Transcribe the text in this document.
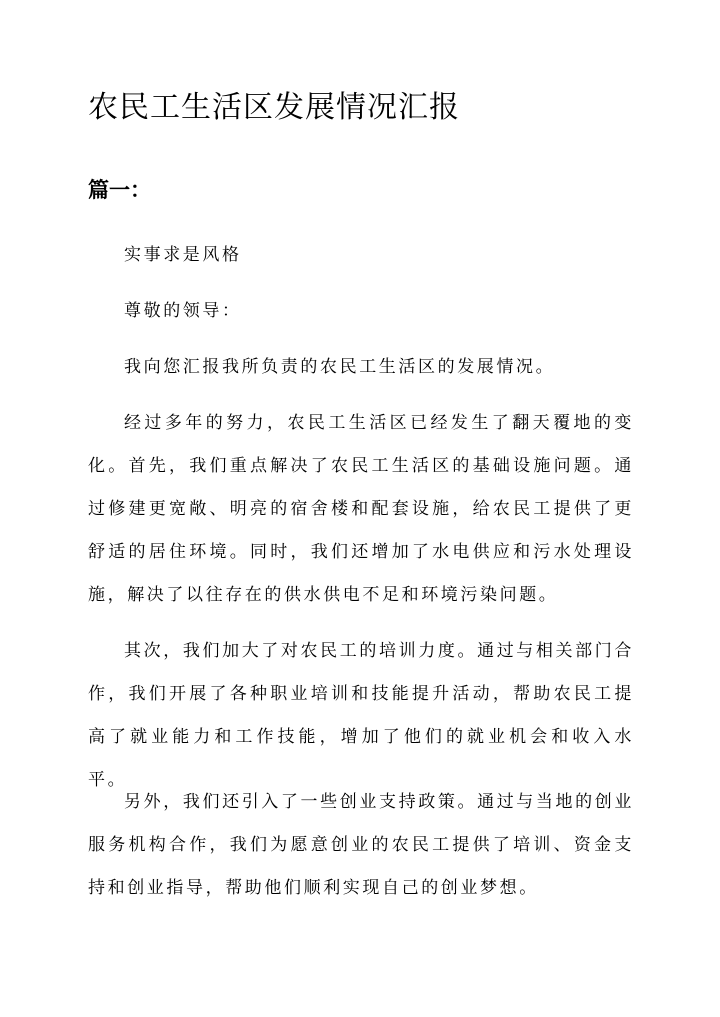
农民工生活区发展情况汇报
篇一：

实事求是风格

尊敬的领导：

我向您汇报我所负责的农民工生活区的发展情况。

经过多年的努力，农民工生活区已经发生了翻天覆地的变化。首先，我们重点解决了农民工生活区的基础设施问题。通过修建更宽敞、明亮的宿舍楼和配套设施，给农民工提供了更舒适的居住环境。同时，我们还增加了水电供应和污水处理设施，解决了以往存在的供水供电不足和环境污染问题。

其次，我们加大了对农民工的培训力度。通过与相关部门合作，我们开展了各种职业培训和技能提升活动，帮助农民工提高了就业能力和工作技能，增加了他们的就业机会和收入水平。

另外，我们还引入了一些创业支持政策。通过与当地的创业服务机构合作，我们为愿意创业的农民工提供了培训、资金支持和创业指导，帮助他们顺利实现自己的创业梦想。
